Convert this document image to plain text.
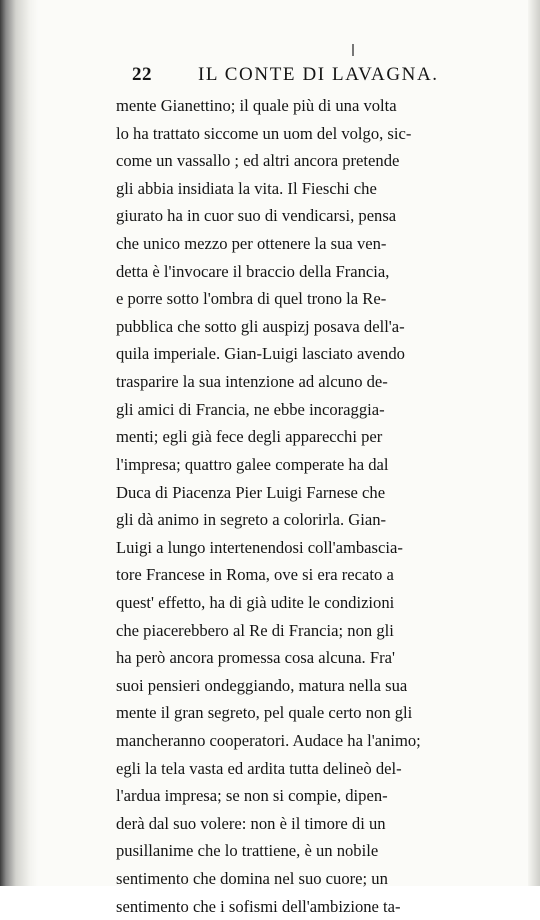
22 IL CONTE DI LAVAGNA.
mente Gianettino; il quale più di una volta
lo ha trattato siccome un uom del volgo, sic-
come un vassallo ; ed altri ancora pretende
gli abbia insidiata la vita. Il Fieschi che
giurato ha in cuor suo di vendicarsi, pensa
che unico mezzo per ottenere la sua ven-
detta è l'invocare il braccio della Francia,
e porre sotto l'ombra di quel trono la Re-
pubblica che sotto gli auspizj posava dell'a-
quila imperiale. Gian-Luigi lasciato avendo
trasparire la sua intenzione ad alcuno de-
gli amici di Francia, ne ebbe incoraggia-
menti; egli già fece degli apparecchi per
l'impresa; quattro galee comperate ha dal
Duca di Piacenza Pier Luigi Farnese che
gli dà animo in segreto a colorirla. Gian-
Luigi a lungo intertenendosi coll'ambascia-
tore Francese in Roma, ove si era recato a
quest' effetto, ha di già udite le condizioni
che piacerebbero al Re di Francia; non gli
ha però ancora promessa cosa alcuna. Fra'
suoi pensieri ondeggiando, matura nella sua
mente il gran segreto, pel quale certo non gli
mancheranno cooperatori. Audace ha l'animo;
egli la tela vasta ed ardita tutta delineò del-
l'ardua impresa; se non si compie, dipen-
derà dal suo volere: non è il timore di un
pusillanime che lo trattiene, è un nobile
sentimento che domina nel suo cuore; un
sentimento che i sofismi dell'ambizione ta-
